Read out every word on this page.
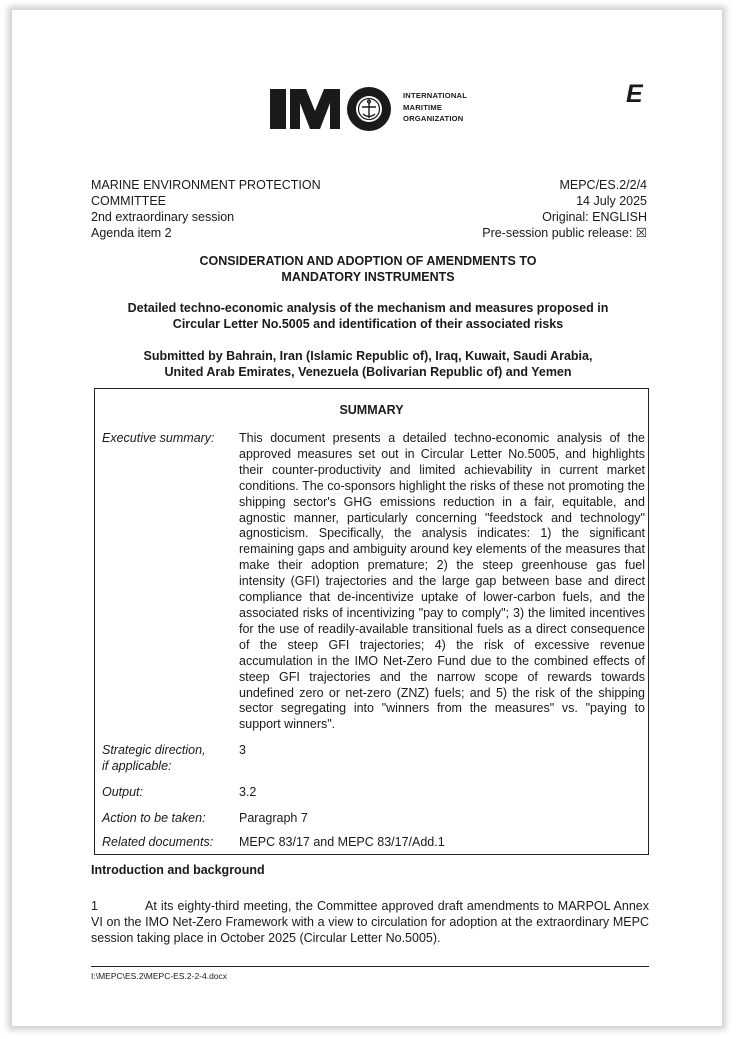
INTERNATIONAL
MARITIME
ORGANIZATION
E
MARINE ENVIRONMENT PROTECTION
COMMITTEE
2nd extraordinary session
Agenda item 2
MEPC/ES.2/2/4
14 July 2025
Original: ENGLISH
Pre-session public release: ☒
CONSIDERATION AND ADOPTION OF AMENDMENTS TO
MANDATORY INSTRUMENTS
Detailed techno-economic analysis of the mechanism and measures proposed in
Circular Letter No.5005 and identification of their associated risks
Submitted by Bahrain, Iran (Islamic Republic of), Iraq, Kuwait, Saudi Arabia,
United Arab Emirates, Venezuela (Bolivarian Republic of) and Yemen
SUMMARY
Executive summary: This document presents a detailed techno-economic analysis of the approved measures set out in Circular Letter No.5005, and highlights their counter-productivity and limited achievability in current market conditions. The co-sponsors highlight the risks of these not promoting the shipping sector's GHG emissions reduction in a fair, equitable, and agnostic manner, particularly concerning "feedstock and technology" agnosticism. Specifically, the analysis indicates: 1) the significant remaining gaps and ambiguity around key elements of the measures that make their adoption premature; 2) the steep greenhouse gas fuel intensity (GFI) trajectories and the large gap between base and direct compliance that de-incentivize uptake of lower-carbon fuels, and the associated risks of incentivizing "pay to comply"; 3) the limited incentives for the use of readily-available transitional fuels as a direct consequence of the steep GFI trajectories; 4) the risk of excessive revenue accumulation in the IMO Net-Zero Fund due to the combined effects of steep GFI trajectories and the narrow scope of rewards towards undefined zero or net-zero (ZNZ) fuels; and 5) the risk of the shipping sector segregating into "winners from the measures" vs. "paying to support winners".
Strategic direction,
if applicable:
3
Output:	3.2
Action to be taken:	Paragraph 7
Related documents: MEPC 83/17 and MEPC 83/17/Add.1
Introduction and background
1	At its eighty-third meeting, the Committee approved draft amendments to MARPOL Annex VI on the IMO Net-Zero Framework with a view to circulation for adoption at the extraordinary MEPC session taking place in October 2025 (Circular Letter No.5005).
I:\MEPC\ES.2\MEPC-ES.2-2-4.docx
